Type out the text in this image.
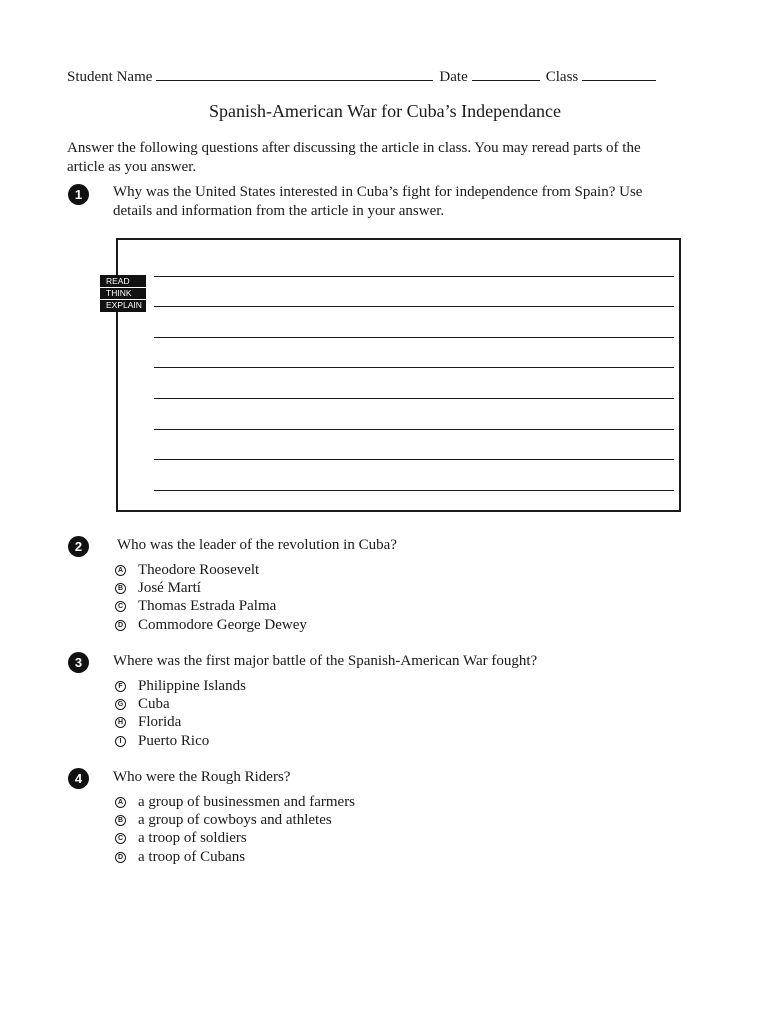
Student Name	Date	Class
Spanish-American War for Cuba’s Independance
Answer the following questions after discussing the article in class. You may reread parts of the article as you answer.
1	Why was the United States interested in Cuba’s fight for independence from Spain? Use details and information from the article in your answer.
READ
THINK
EXPLAIN
2	Who was the leader of the revolution in Cuba?
A Theodore Roosevelt
B José Martí
C Thomas Estrada Palma
D Commodore George Dewey
3	Where was the first major battle of the Spanish-American War fought?
F Philippine Islands
G Cuba
H Florida
I	Puerto Rico
4	Who were the Rough Riders?
A a group of businessmen and farmers
B a group of cowboys and athletes
C a troop of soldiers
D a troop of Cubans
